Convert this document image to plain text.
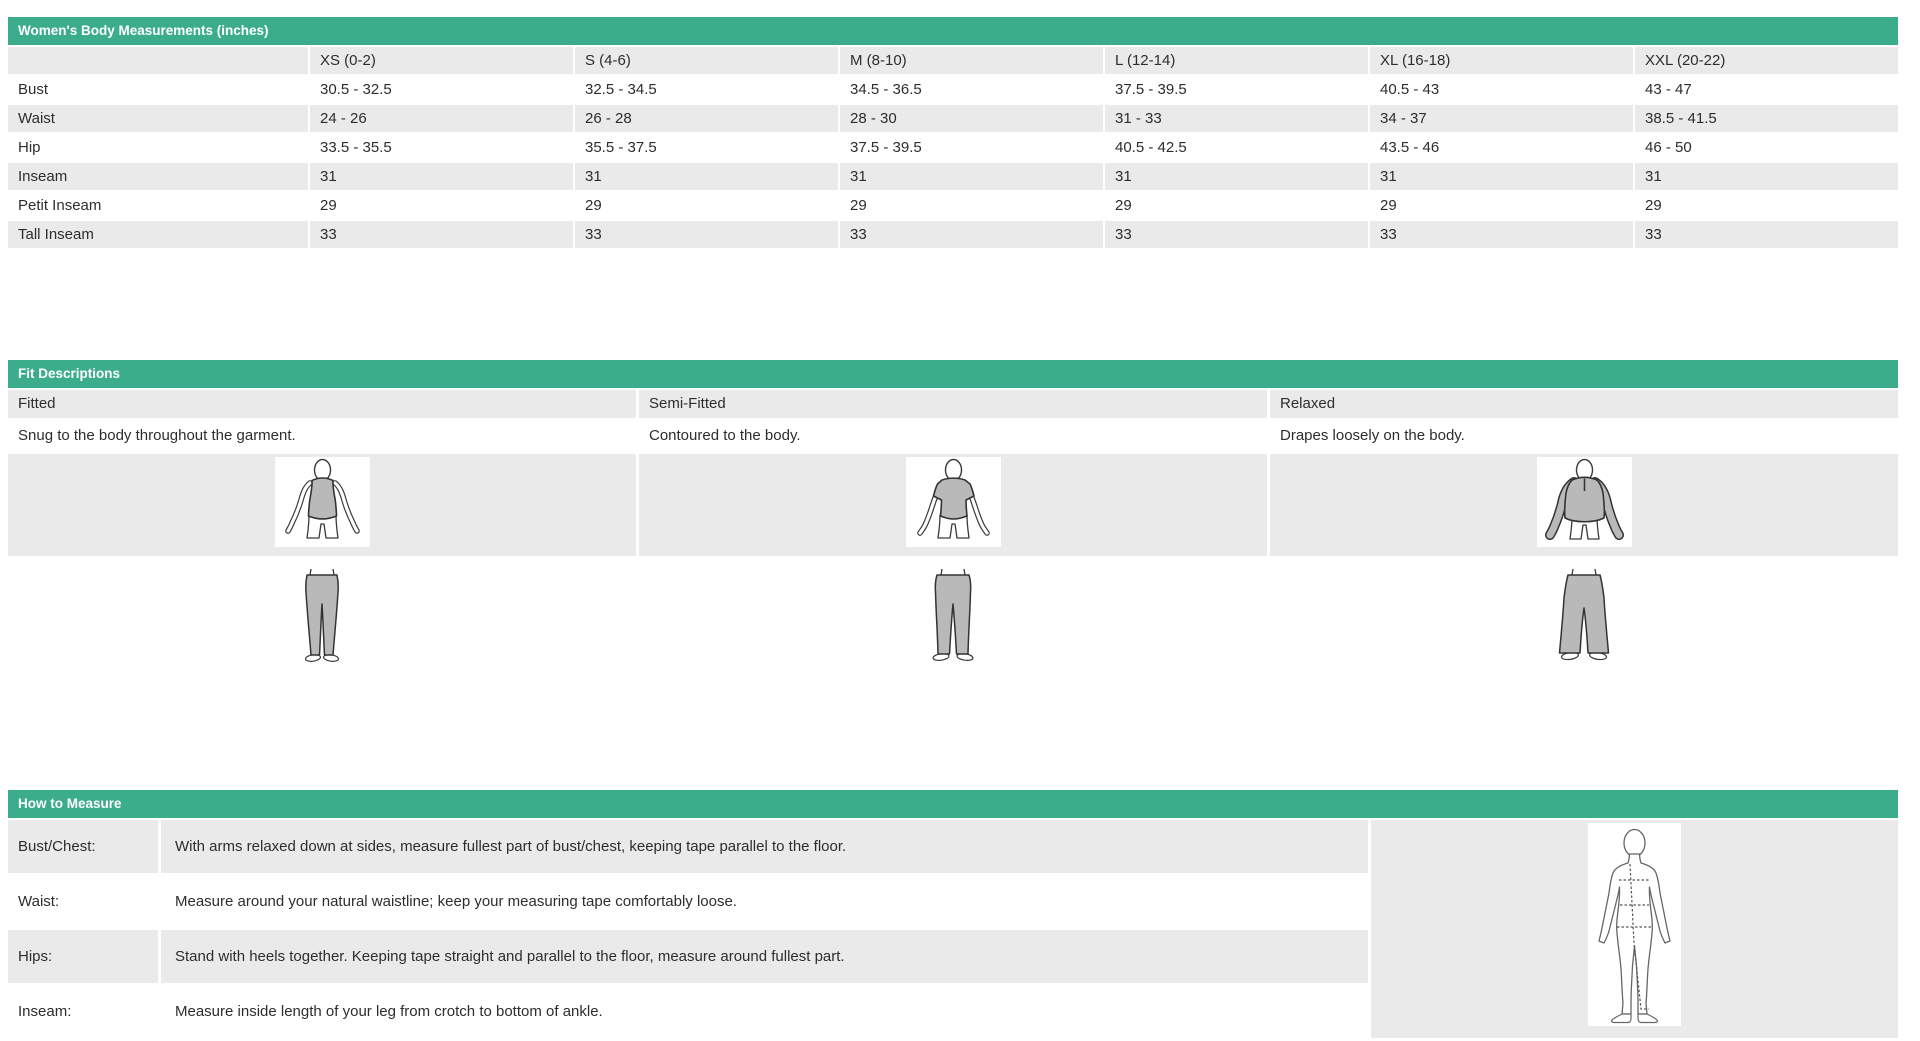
Women's Body Measurements (inches)
	XS (0-2)	S (4-6)	M (8-10)	L (12-14)	XL (16-18)	XXL (20-22)
Bust	30.5 - 32.5	32.5 - 34.5	34.5 - 36.5	37.5 - 39.5	40.5 - 43	43 - 47
Waist	24 - 26	26 - 28	28 - 30	31 - 33	34 - 37	38.5 - 41.5
Hip	33.5 - 35.5	35.5 - 37.5	37.5 - 39.5	40.5 - 42.5	43.5 - 46	46 - 50
Inseam	31	31	31	31	31	31
Petit Inseam	29	29	29	29	29	29
Tall Inseam	33	33	33	33	33	33
Fit Descriptions
Fitted	Semi-Fitted	Relaxed
Snug to the body throughout the garment.	Contoured to the body.	Drapes loosely on the body.
How to Measure
Bust/Chest:	With arms relaxed down at sides, measure fullest part of bust/chest, keeping tape parallel to the floor.
Waist:	Measure around your natural waistline; keep your measuring tape comfortably loose.
Hips:	Stand with heels together. Keeping tape straight and parallel to the floor, measure around fullest part.
Inseam:	Measure inside length of your leg from crotch to bottom of ankle.
